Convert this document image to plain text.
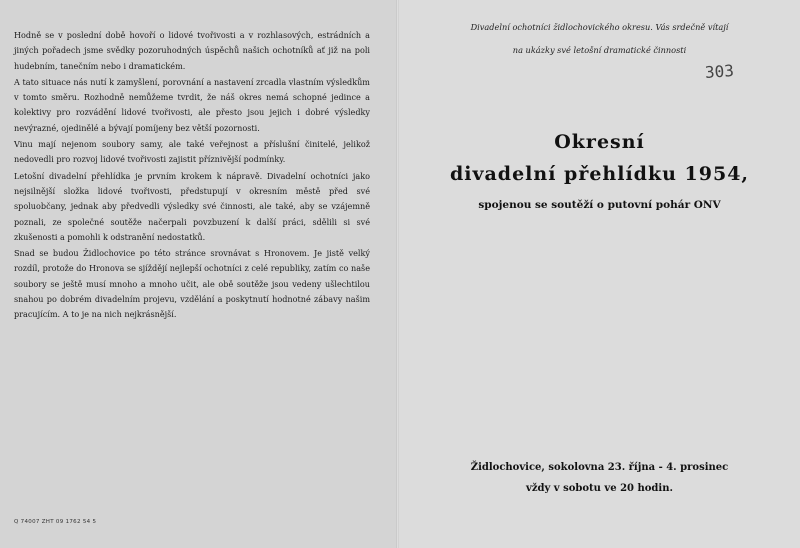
Hodně se v poslední době hovoří o lidové tvořivosti a v rozhlasových, estrádních a jiných pořadech jsme svědky pozoruhodných úspěchů našich ochotníků ať již na poli hudebním, tanečním nebo i dramatickém.

A tato situace nás nutí k zamyšlení, porovnání a nastavení zrcadla vlastním výsledkům v tomto směru. Rozhodně nemůžeme tvrdit, že náš okres nemá schopné jedince a kolektivy pro rozvádění lidové tvořivosti, ale přesto jsou jejich i dobré výsledky nevýrazné, ojedinělé a bývají pomíjeny bez větší pozornosti.

Vinu mají nejenom soubory samy, ale také veřejnost a příslušní činitelé, jelikož nedovedli pro rozvoj lidové tvořivosti zajistit příznivější podmínky.

Letošní divadelní přehlídka je prvním krokem k nápravě. Divadelní ochotníci jako nejsilnější složka lidové tvořivosti, předstupují v okresním městě před své spoluobčany, jednak aby předvedli výsledky své činnosti, ale také, aby se vzájemně poznali, ze společné soutěže načerpali povzbuzení k další práci, sdělili si své zkušenosti a pomohli k odstranění nedostatků.

Snad se budou Židlochovice po této stránce srovnávat s Hronovem. Je jistě velký rozdíl, protože do Hronova se sjíždějí nejlepší ochotníci z celé republiky, zatím co naše soubory se ještě musí mnoho a mnoho učit, ale obě soutěže jsou vedeny ušlechtilou snahou po dobrém divadelním projevu, vzdělání a poskytnutí hodnotné zábavy našim pracujícím. A to je na nich nejkrásnější.

Q 74007 ZHT 09 1762 54 5
Divadelní ochotníci židlochovického okresu. Vás srdečně vítají
na ukázky své letošní dramatické činnosti
303
Okresní
divadelní přehlídku 1954,
spojenou se soutěží o putovní pohár ONV
Židlochovice, sokolovna 23. října - 4. prosinec
vždy v sobotu ve 20 hodin.
